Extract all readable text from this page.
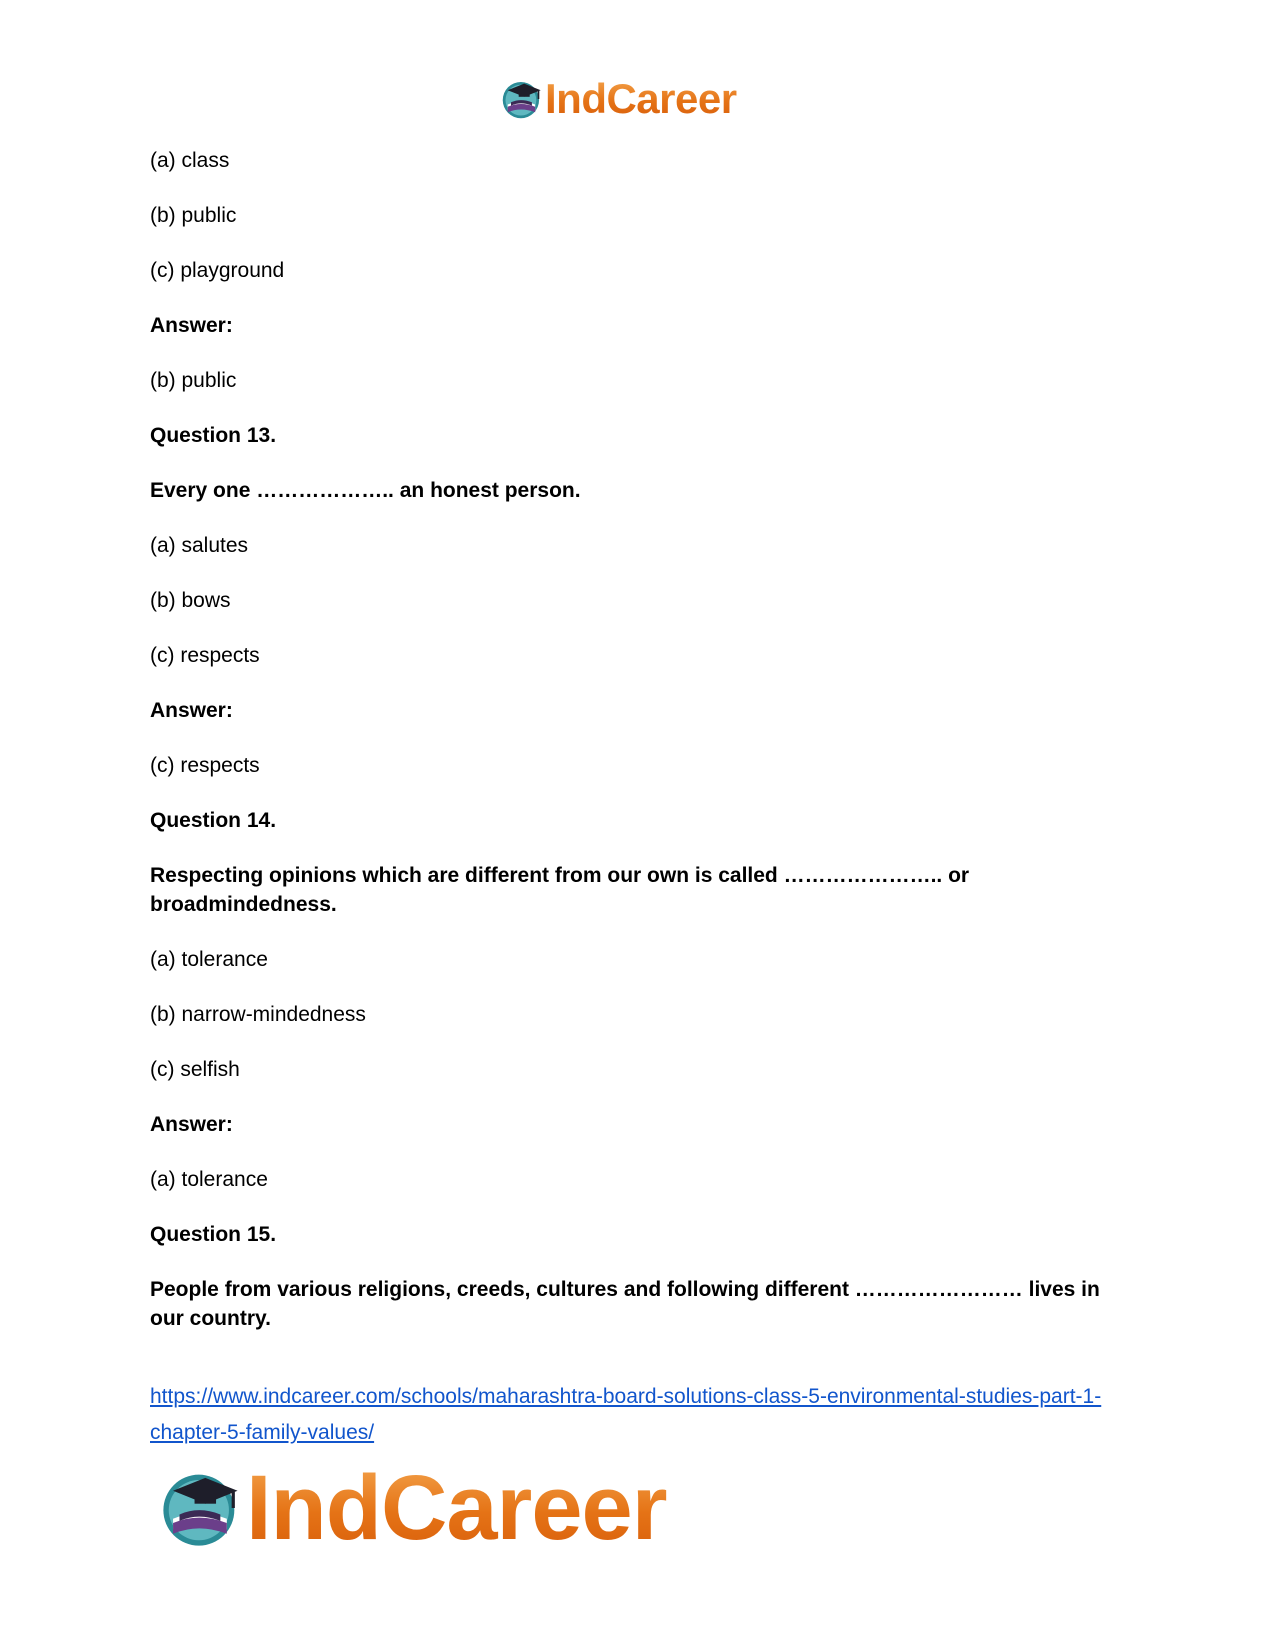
IndCareer

(a) class

(b) public

(c) playground

Answer:

(b) public

Question 13.

Every one ……………….. an honest person.

(a) salutes

(b) bows

(c) respects

Answer:

(c) respects

Question 14.

Respecting opinions which are different from our own is called ………………….. or broadmindedness.

(a) tolerance

(b) narrow-mindedness

(c) selfish

Answer:

(a) tolerance

Question 15.

People from various religions, creeds, cultures and following different …………………… lives in our country.

https://www.indcareer.com/schools/maharashtra-board-solutions-class-5-environmental-studies-part-1-chapter-5-family-values/
IndCareer
